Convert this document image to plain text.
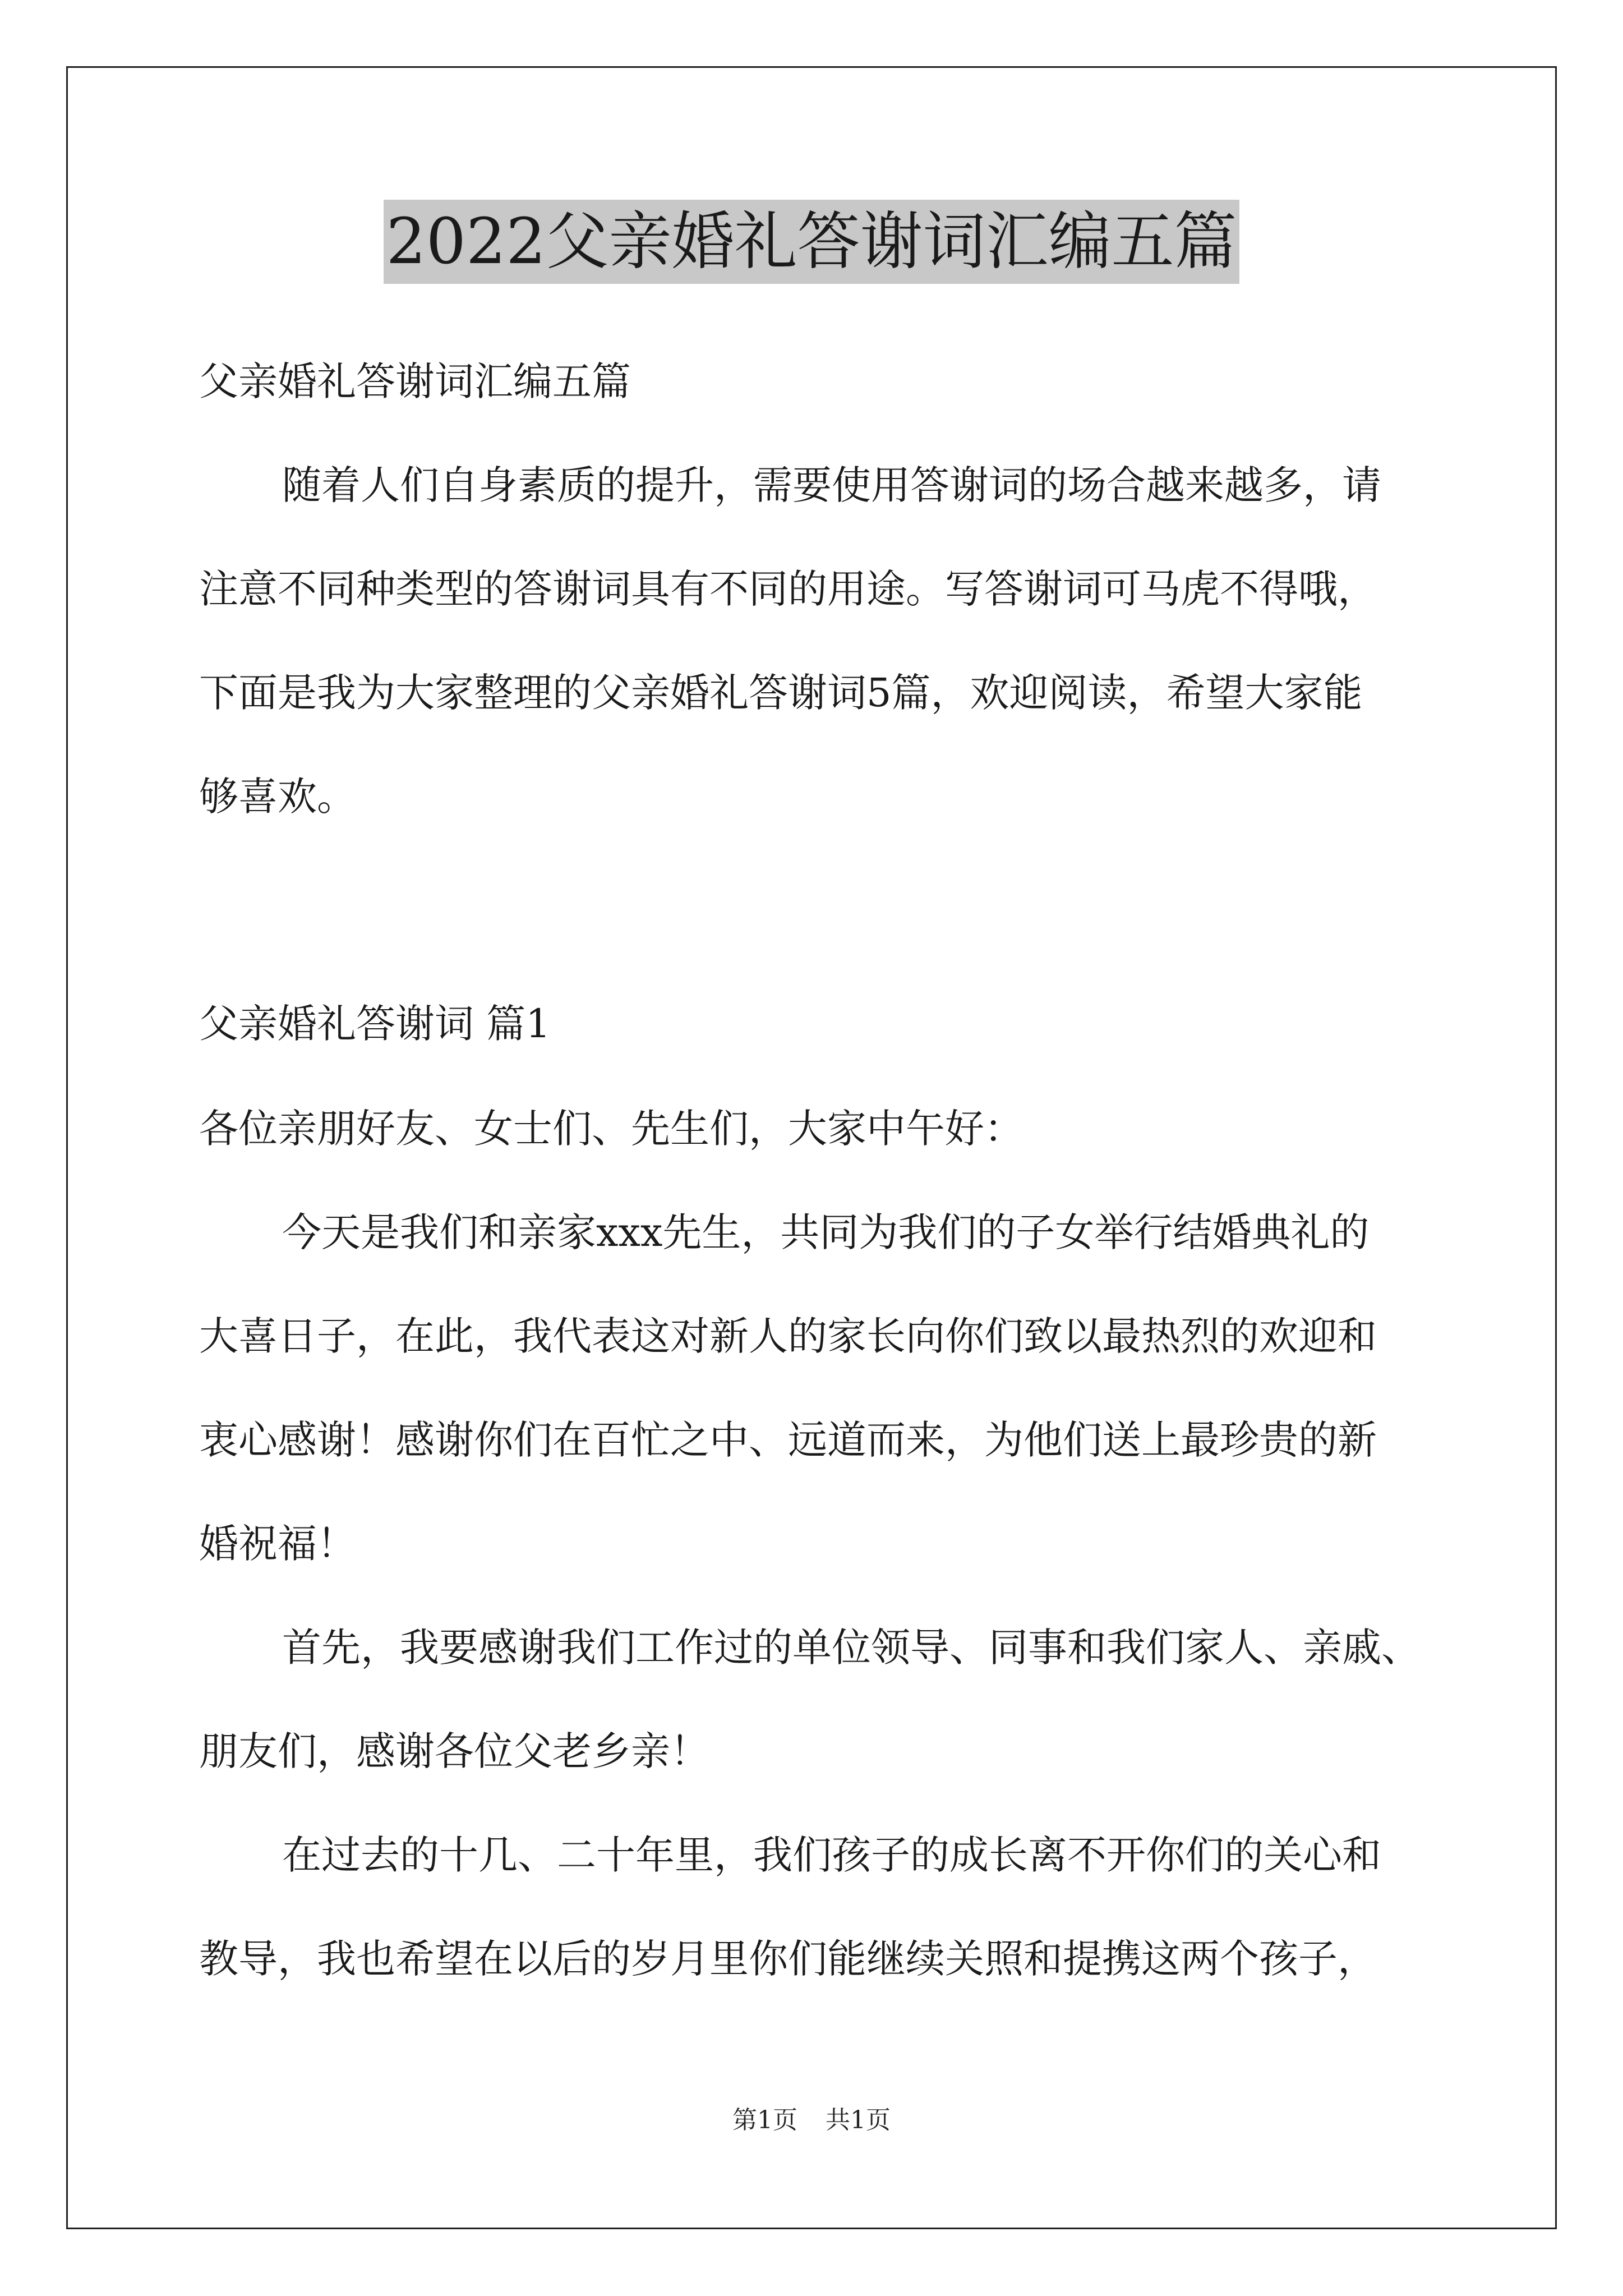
2022父亲婚礼答谢词汇编五篇
父亲婚礼答谢词汇编五篇
随着人们自身素质的提升，需要使用答谢词的场合越来越多，请
注意不同种类型的答谢词具有不同的用途。写答谢词可马虎不得哦，
下面是我为大家整理的父亲婚礼答谢词5篇，欢迎阅读，希望大家能
够喜欢。
父亲婚礼答谢词 篇1
各位亲朋好友、女士们、先生们，大家中午好：
今天是我们和亲家xxx先生，共同为我们的子女举行结婚典礼的
大喜日子，在此，我代表这对新人的家长向你们致以最热烈的欢迎和
衷心感谢！感谢你们在百忙之中、远道而来，为他们送上最珍贵的新
婚祝福！
首先，我要感谢我们工作过的单位领导、同事和我们家人、亲戚、
朋友们，感谢各位父老乡亲！
在过去的十几、二十年里，我们孩子的成长离不开你们的关心和
教导，我也希望在以后的岁月里你们能继续关照和提携这两个孩子，
第1页 共1页
